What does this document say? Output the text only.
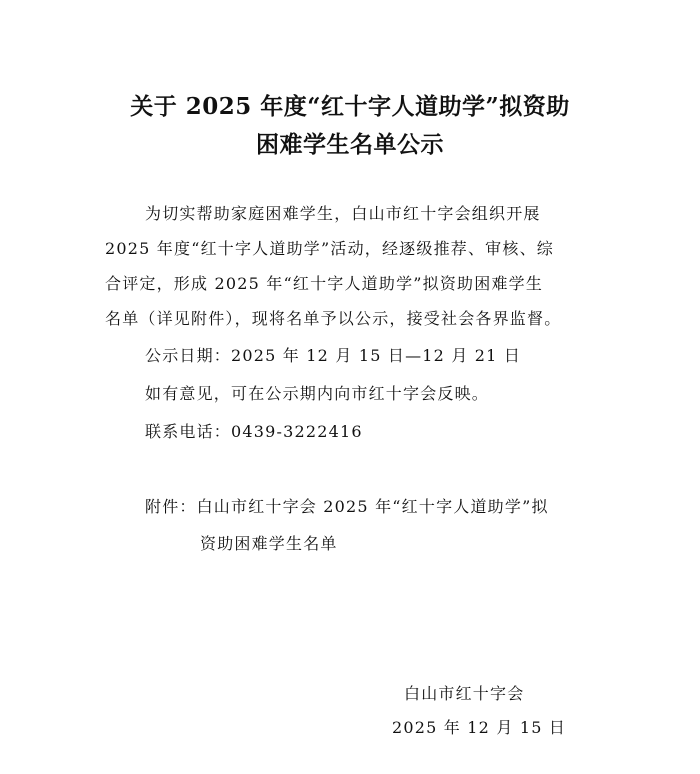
关于 2025 年度“红十字人道助学”拟资助
困难学生名单公示

为切实帮助家庭困难学生，白山市红十字会组织开展

2025 年度“红十字人道助学”活动，经逐级推荐、审核、综

合评定，形成 2025 年“红十字人道助学”拟资助困难学生

名单（详见附件），现将名单予以公示，接受社会各界监督。

公示日期：2025 年 12 月 15 日—12 月 21 日

如有意见，可在公示期内向市红十字会反映。

联系电话：0439-3222416

附件：白山市红十字会 2025 年“红十字人道助学”拟

资助困难学生名单

白山市红十字会
2025 年 12 月 15 日
